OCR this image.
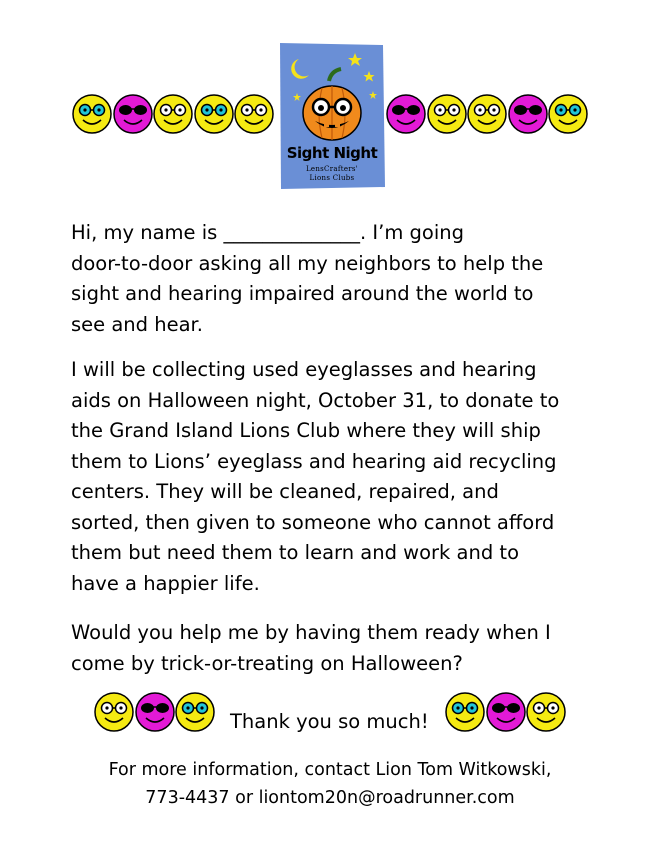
Sight Night
LensCrafters'
Lions Clubs
Hi, my name is ______________. I’m going
door-to-door asking all my neighbors to help the
sight and hearing impaired around the world to
see and hear.
I will be collecting used eyeglasses and hearing
aids on Halloween night, October 31, to donate to
the Grand Island Lions Club where they will ship
them to Lions’ eyeglass and hearing aid recycling
centers. They will be cleaned, repaired, and
sorted, then given to someone who cannot afford
them but need them to learn and work and to
have a happier life.
Would you help me by having them ready when I
come by trick-or-treating on Halloween?
Thank you so much!
For more information, contact Lion Tom Witkowski,
773-4437 or liontom20n@roadrunner.com
